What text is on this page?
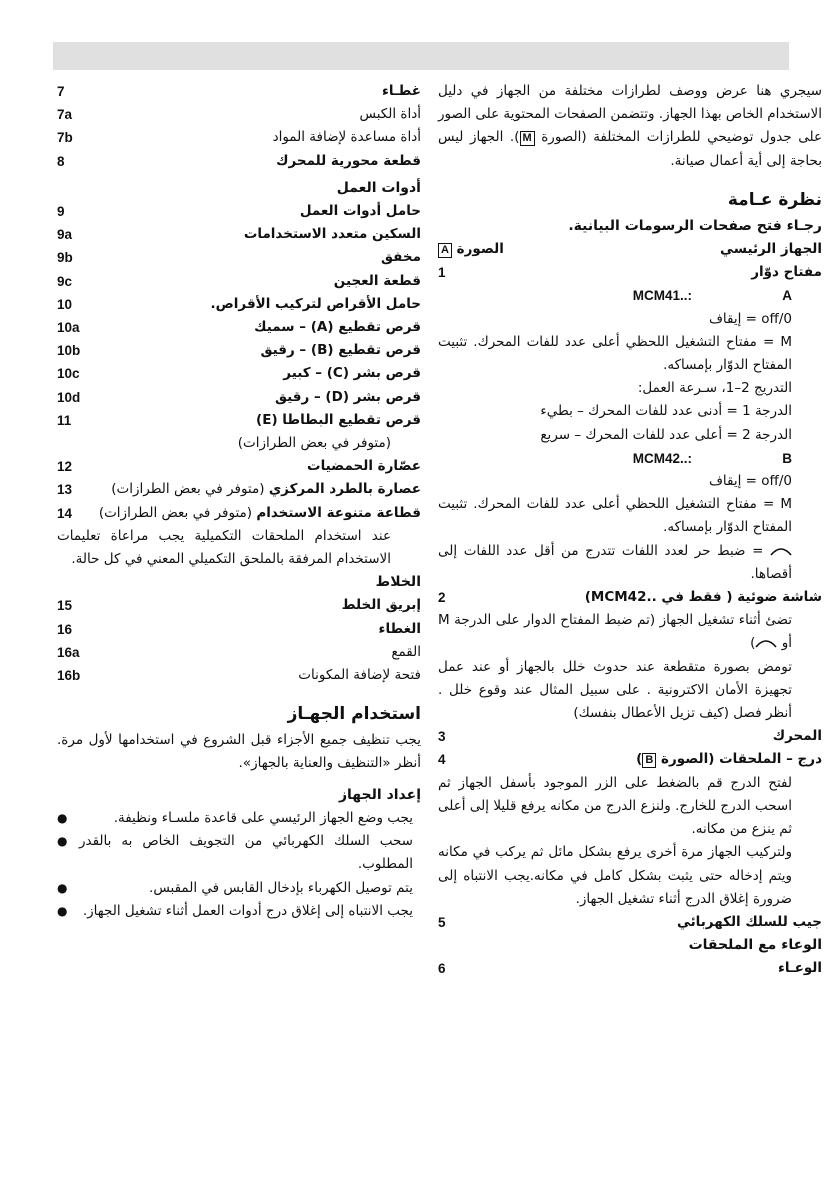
سيجري هنا عرض ووصف لطرازات مختلفة من الجهاز في دليل الاستخدام الخاص بهذا الجهاز. وتتضمن الصفحات المحتوية على الصور على جدول توضيحي للطرازات المختلفة (الصورة M). الجهاز ليس بحاجة إلى أية أعمال صيانة.

نظرة عـامة
رجـاء فتح صفحات الرسومات البيانية.
الجهاز الرئيسي
الصورة A
مفتاح دوّار
1
A
MCM41..:
0/off = إيقاف
M = مفتاح التشغيل اللحظي أعلى عدد للفات المحرك. تثبيت المفتاح الدوّار بإمساكه.
التدريج 2–1، سـرعة العمل:
الدرجة 1 = أدنى عدد للفات المحرك – بطيء
الدرجة 2 = أعلى عدد للفات المحرك – سريع
B
MCM42..:
0/off = إيقاف
M = مفتاح التشغيل اللحظي أعلى عدد للفات المحرك. تثبيت المفتاح الدوّار بإمساكه.
= ضبط حر لعدد اللفات تتدرج من أقل عدد اللفات إلى أقصاها.
شاشة ضوئية ( فقط في ..MCM42)
2
تضئ أثناء تشغيل الجهاز (تم ضبط المفتاح الدوار على الدرجة M أو )
تومض بصورة متقطعة عند حدوث خلل بالجهاز أو عند عمل تجهيزة الأمان الاكترونية . على سبيل المثال عند وقوع خلل . أنظر فصل (كيف تزيل الأعطال بنفسك)
المحرك
3
درج – الملحقات (الصورة B)
4
لفتح الدرج قم بالضغط على الزر الموجود بأسفل الجهاز ثم اسحب الدرج للخارج. ولنزع الدرج من مكانه يرفع قليلا إلى أعلى ثم ينزع من مكانه.
ولتركيب الجهاز مرة أخرى يرفع بشكل مائل ثم يركب في مكانه ويتم إدخاله حتى يثبت بشكل كامل في مكانه.يجب الانتباه إلى ضرورة إغلاق الدرج أثناء تشغيل الجهاز.
جيب للسلك الكهربائي
5
الوعاء مع الملحقات
الوعـاء
6
غطـاء
7
أداة الكبس
7a
أداة مساعدة لإضافة المواد
7b
قطعة محورية للمحرك
8
أدوات العمل
حامل أدوات العمل
9
السكين متعدد الاستخدامات
9a
مخفق
9b
قطعة العجين
9c
حامل الأقراص لتركيب الأقراص.
10
قرص تقطيع (A) – سميك
10a
قرص تقطيع (B) – رقيق
10b
قرص بشر (C) – كبير
10c
قرص بشر (D) – رقيق
10d
قرص تقطيع البطاطا (E)
11
(متوفر في بعض الطرازات)
عصّارة الحمضيات
12
عصارة بالطرد المركزي (متوفر في بعض الطرازات)
13
قطاعة متنوعة الاستخدام (متوفر في بعض الطرازات)
14
عند استخدام الملحقات التكميلية يجب مراعاة تعليمات الاستخدام المرفقة بالملحق التكميلي المعني في كل حالة.
الخلاط
إبريق الخلط
15
الغطاء
16
القمع
16a
فتحة لإضافة المكونات
16b
استخدام الجهـاز

يجب تنظيف جميع الأجزاء قبل الشروع في استخدامها لأول مرة. أنظر «التنظيف والعناية بالجهاز».

إعداد الجهاز
يجب وضع الجهاز الرئيسي على قاعدة ملسـاء ونظيفة.
●
سحب السلك الكهربائي من التجويف الخاص به بالقدر المطلوب.
●
يتم توصيل الكهرباء بإدخال القابس في المقبس.
●
يجب الانتباه إلى إغلاق درج أدوات العمل أثناء تشغيل الجهاز.
●
